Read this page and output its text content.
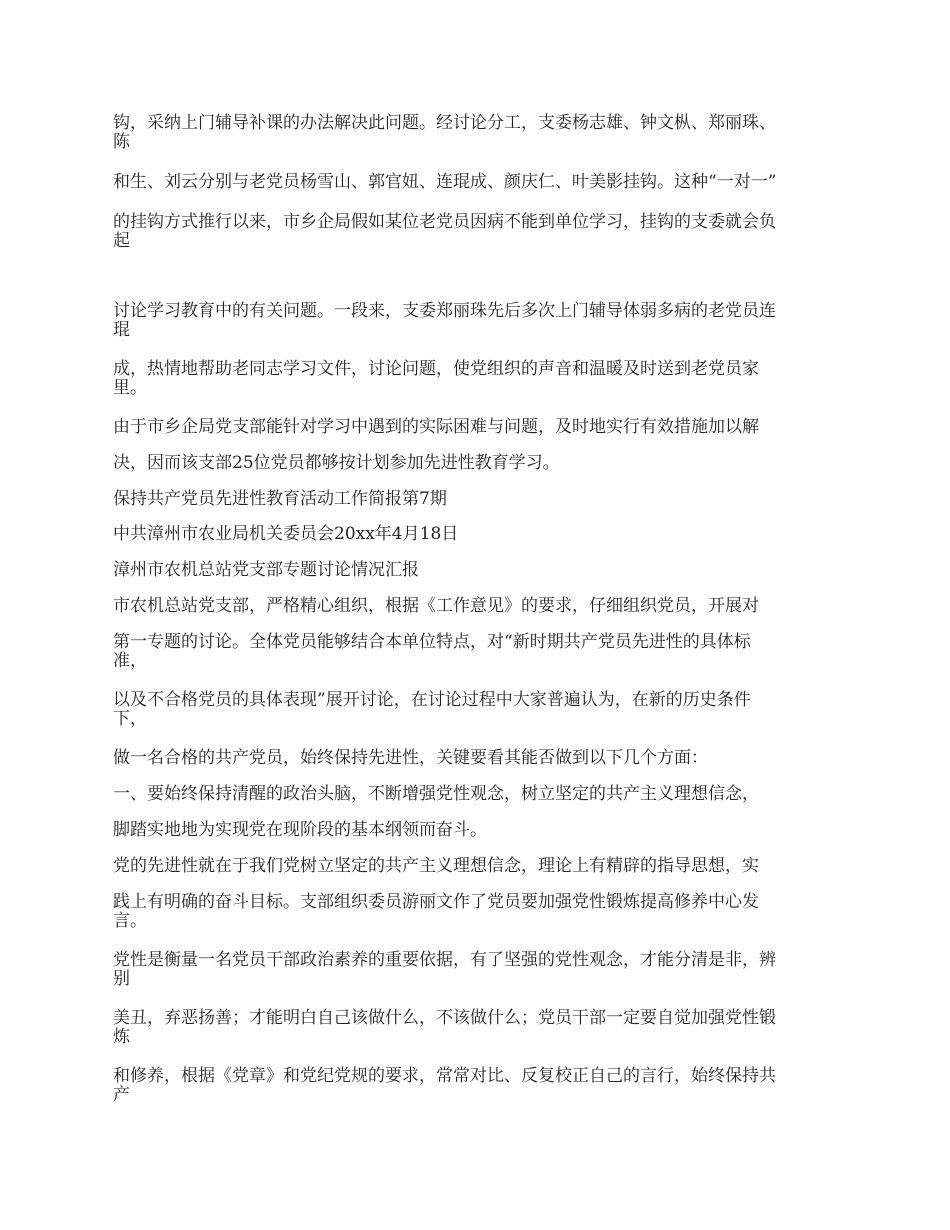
钩，采纳上门辅导补课的办法解决此问题。经讨论分工，支委杨志雄、钟文枞、郑丽珠、

陈

和生、刘云分别与老党员杨雪山、郭官妞、连琨成、颜庆仁、叶美影挂钩。这种“一对一”

的挂钩方式推行以来，市乡企局假如某位老党员因病不能到单位学习，挂钩的支委就会负

起

讨论学习教育中的有关问题。一段来，支委郑丽珠先后多次上门辅导体弱多病的老党员连

琨

成，热情地帮助老同志学习文件，讨论问题，使党组织的声音和温暖及时送到老党员家

里。

由于市乡企局党支部能针对学习中遇到的实际困难与问题，及时地实行有效措施加以解

决，因而该支部25位党员都够按计划参加先进性教育学习。

保持共产党员先进性教育活动工作简报第7期

中共漳州市农业局机关委员会20xx年4月18日

漳州市农机总站党支部专题讨论情况汇报

市农机总站党支部，严格精心组织，根据《工作意见》的要求，仔细组织党员，开展对

第一专题的讨论。全体党员能够结合本单位特点，对“新时期共产党员先进性的具体标

准，

以及不合格党员的具体表现”展开讨论，在讨论过程中大家普遍认为，在新的历史条件

下，

做一名合格的共产党员，始终保持先进性，关键要看其能否做到以下几个方面：

一、要始终保持清醒的政治头脑，不断增强党性观念，树立坚定的共产主义理想信念，

脚踏实地地为实现党在现阶段的基本纲领而奋斗。

党的先进性就在于我们党树立坚定的共产主义理想信念，理论上有精辟的指导思想，实

践上有明确的奋斗目标。支部组织委员游丽文作了党员要加强党性锻炼提高修养中心发

言。

党性是衡量一名党员干部政治素养的重要依据，有了坚强的党性观念，才能分清是非，辨

别

美丑，弃恶扬善；才能明白自己该做什么，不该做什么；党员干部一定要自觉加强党性锻

炼

和修养，根据《党章》和党纪党规的要求，常常对比、反复校正自己的言行，始终保持共

产
